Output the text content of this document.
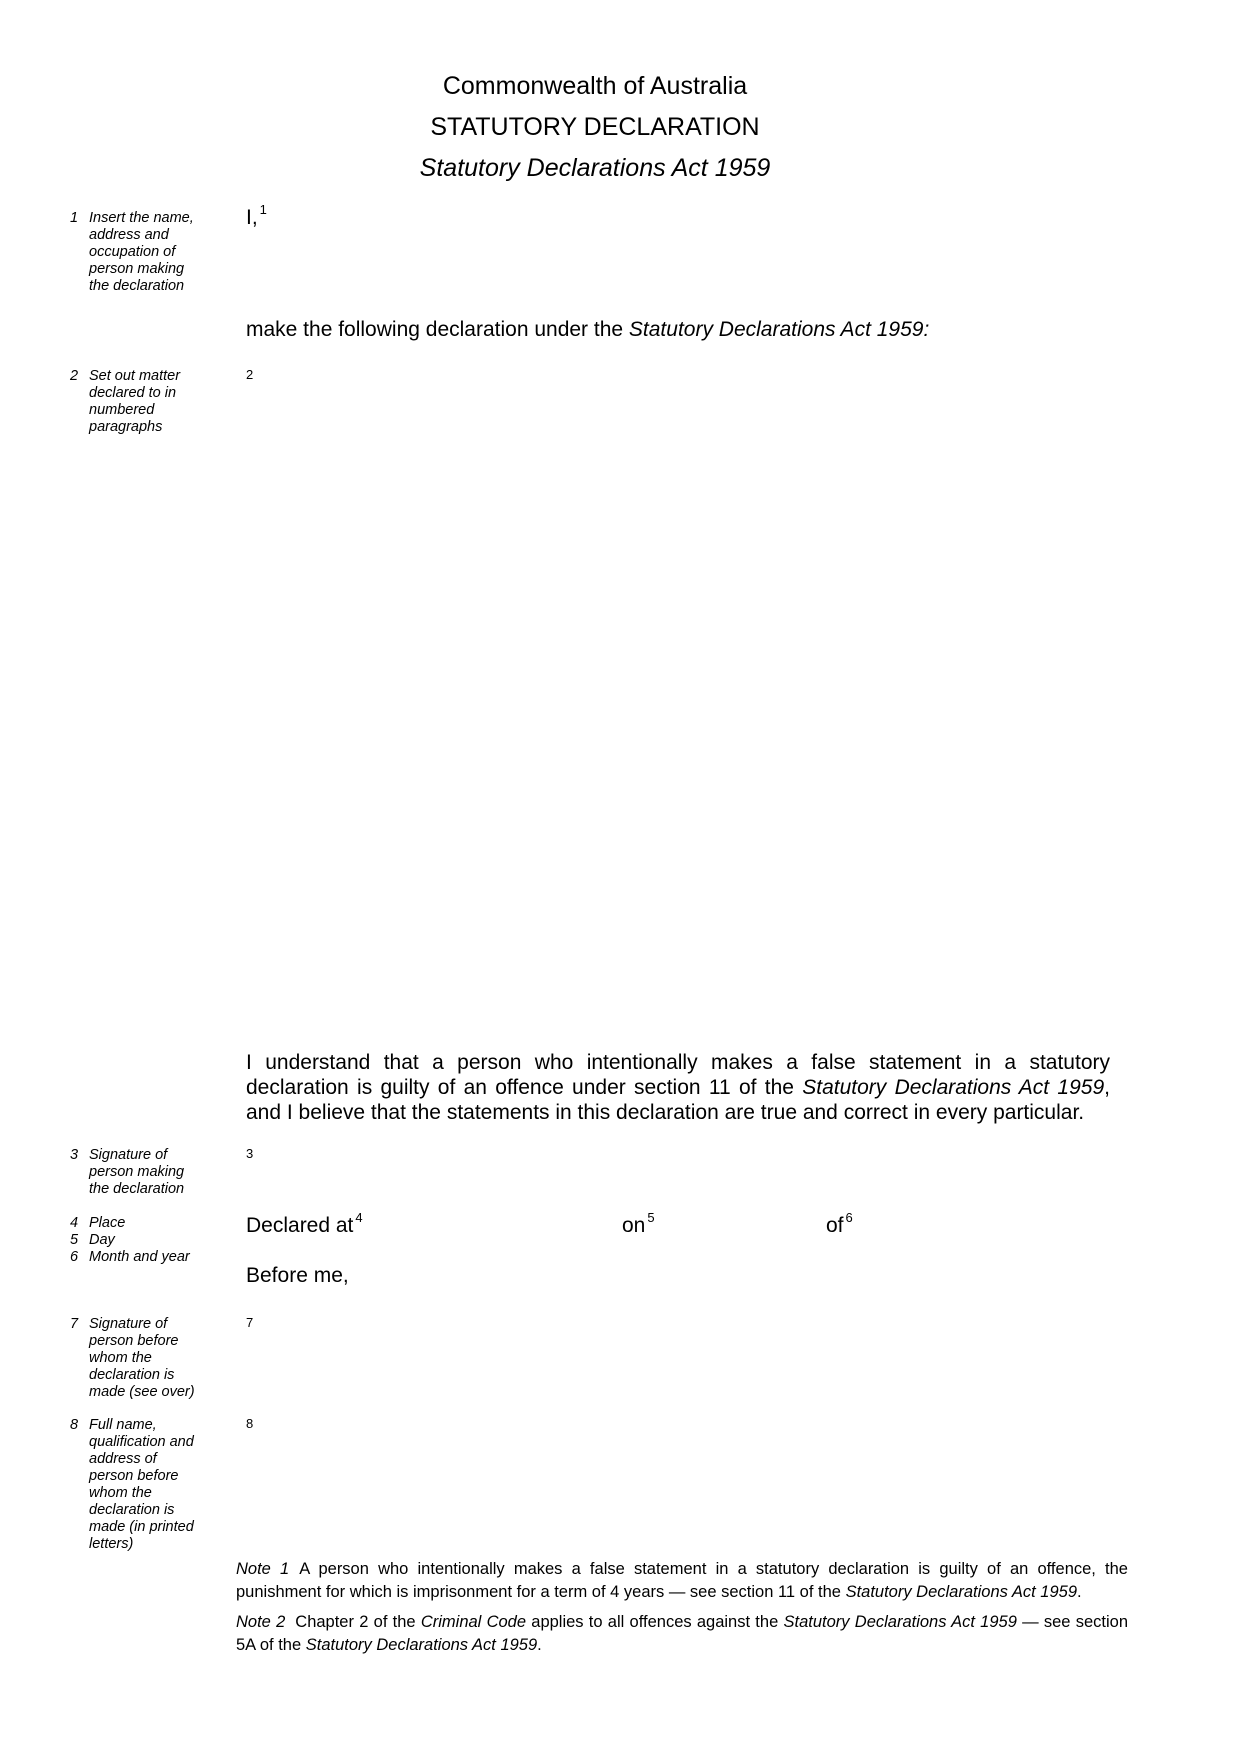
Commonwealth of Australia
STATUTORY DECLARATION
Statutory Declarations Act 1959
1 Insert the name,
address and
occupation of
person making
the declaration
I, $^1$
make the following declaration under the Statutory Declarations Act 1959:
2 Set out matter
declared to in
numbered
paragraphs
2
I understand that a person who intentionally makes a false statement in a statutory declaration is guilty of an offence under section 11 of the Statutory Declarations Act 1959, and I believe that the statements in this declaration are true and correct in every particular.
3 Signature of
person making
the declaration
3
4
5
6
Place
Day
Month and year
Declared at $^4$	on $^5$	of $^6$
Before me,
7 Signature of
person before
whom the
declaration is
made (see over)
7
8 Full name,
qualification and
address of
person before
whom the
declaration is
made (in printed
letters)
8
Note 1 A person who intentionally makes a false statement in a statutory declaration is guilty of an offence, the punishment for which is imprisonment for a term of 4 years — see section 11 of the Statutory Declarations Act 1959.
Note 2 Chapter 2 of the Criminal Code applies to all offences against the Statutory Declarations Act 1959 — see section 5A of the Statutory Declarations Act 1959.
